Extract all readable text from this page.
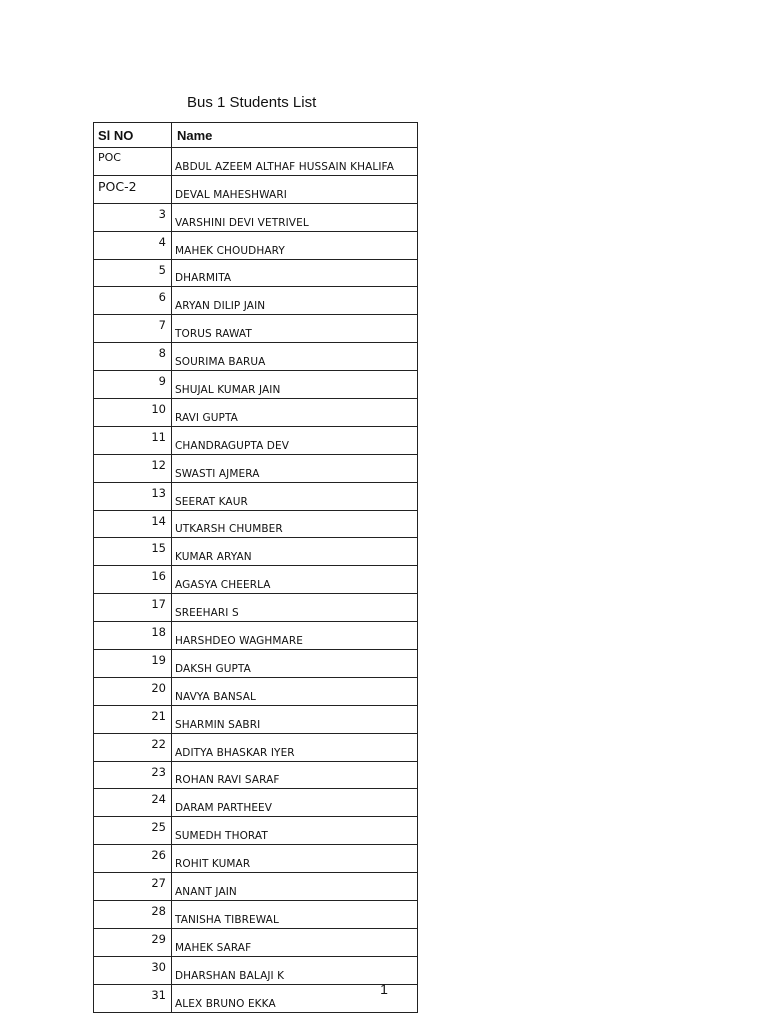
Bus 1 Students List
Sl NO	Name
POC	ABDUL AZEEM ALTHAF HUSSAIN KHALIFA
POC-2	DEVAL MAHESHWARI
3	VARSHINI DEVI VETRIVEL
4	MAHEK CHOUDHARY
5	DHARMITA
6	ARYAN DILIP JAIN
7	TORUS RAWAT
8	SOURIMA BARUA
9	SHUJAL KUMAR JAIN
10	RAVI GUPTA
11	CHANDRAGUPTA DEV
12	SWASTI AJMERA
13	SEERAT KAUR
14	UTKARSH CHUMBER
15	KUMAR ARYAN
16	AGASYA CHEERLA
17	SREEHARI S
18	HARSHDEO WAGHMARE
19	DAKSH GUPTA
20	NAVYA BANSAL
21	SHARMIN SABRI
22	ADITYA BHASKAR IYER
23	ROHAN RAVI SARAF
24	DARAM PARTHEEV
25	SUMEDH THORAT
26	ROHIT KUMAR
27	ANANT JAIN
28	TANISHA TIBREWAL
29	MAHEK SARAF
30	DHARSHAN BALAJI K
31	ALEX BRUNO EKKA
1
